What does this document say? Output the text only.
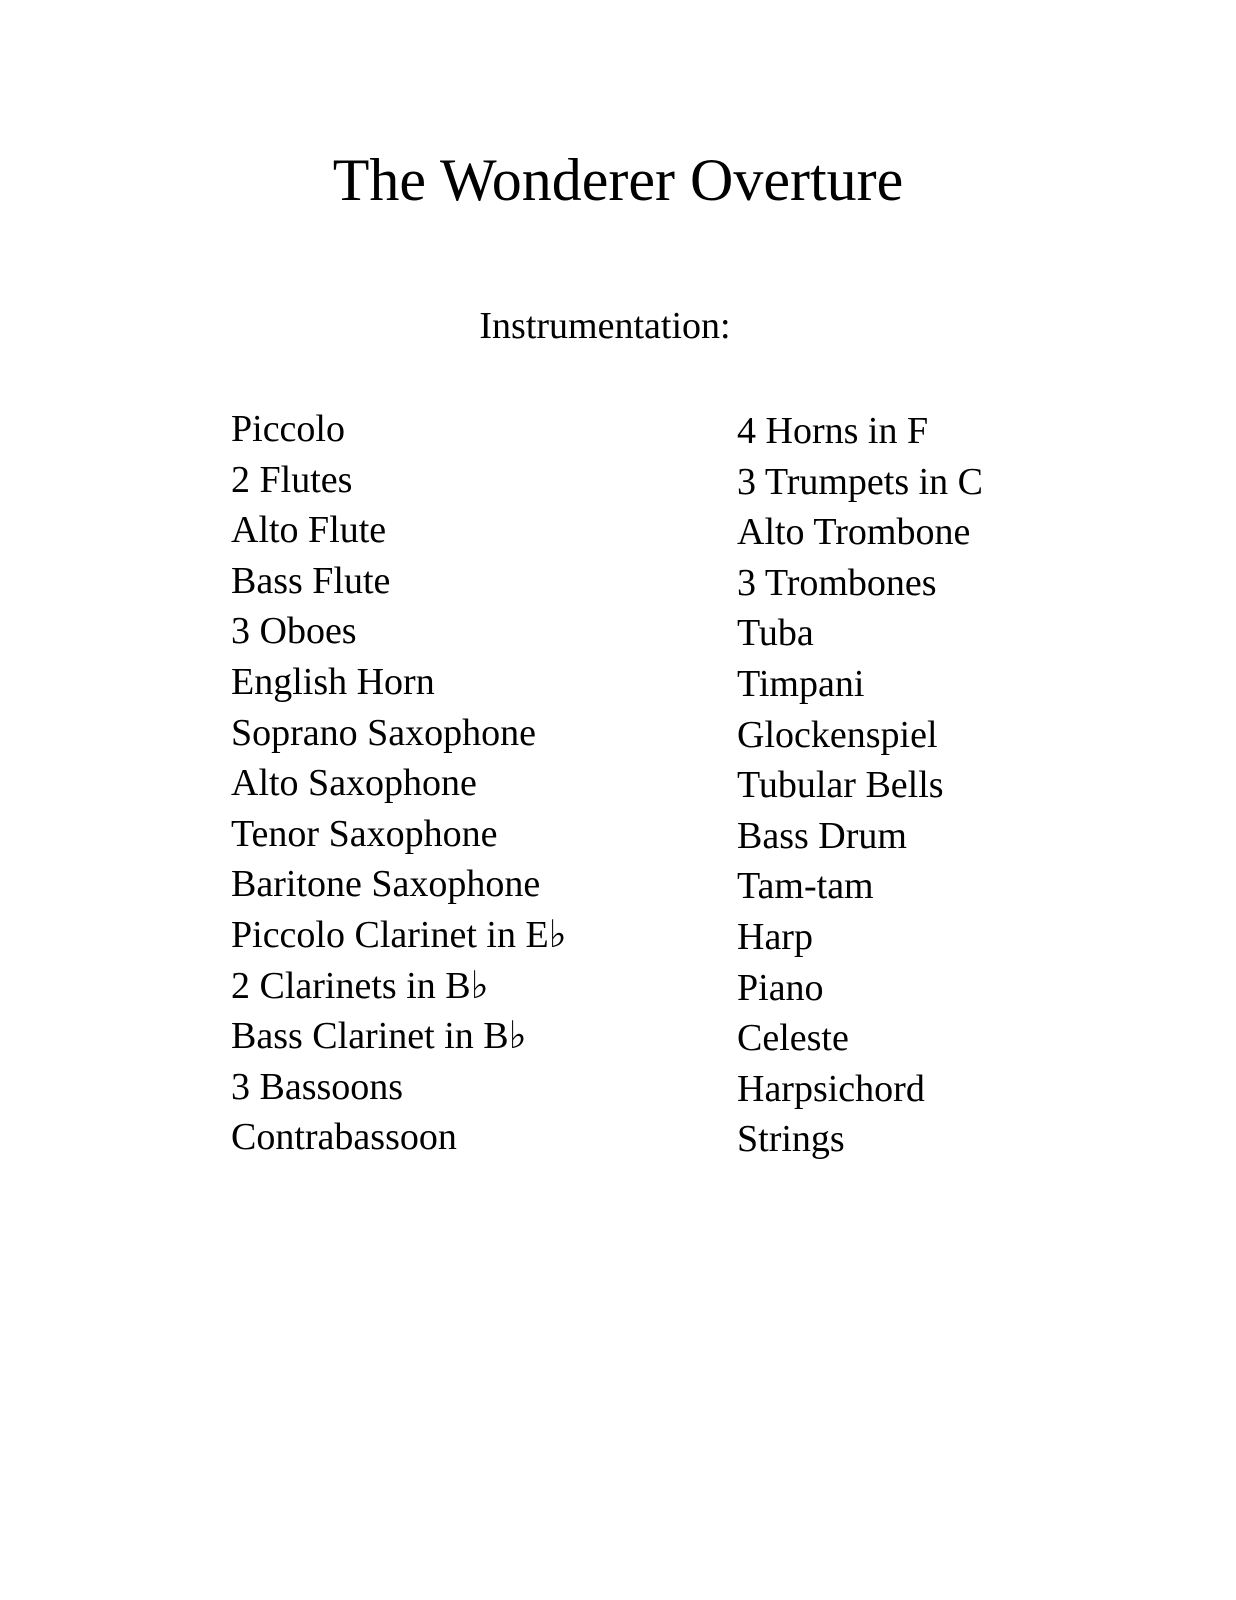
The Wonderer Overture
Instrumentation:
Piccolo
2 Flutes
Alto Flute
Bass Flute
3 Oboes
English Horn
Soprano Saxophone
Alto Saxophone
Tenor Saxophone
Baritone Saxophone
Piccolo Clarinet in E♭
2 Clarinets in B♭
Bass Clarinet in B♭
3 Bassoons
Contrabassoon
4 Horns in F
3 Trumpets in C
Alto Trombone
3 Trombones
Tuba
Timpani
Glockenspiel
Tubular Bells
Bass Drum
Tam-tam
Harp
Piano
Celeste
Harpsichord
Strings
